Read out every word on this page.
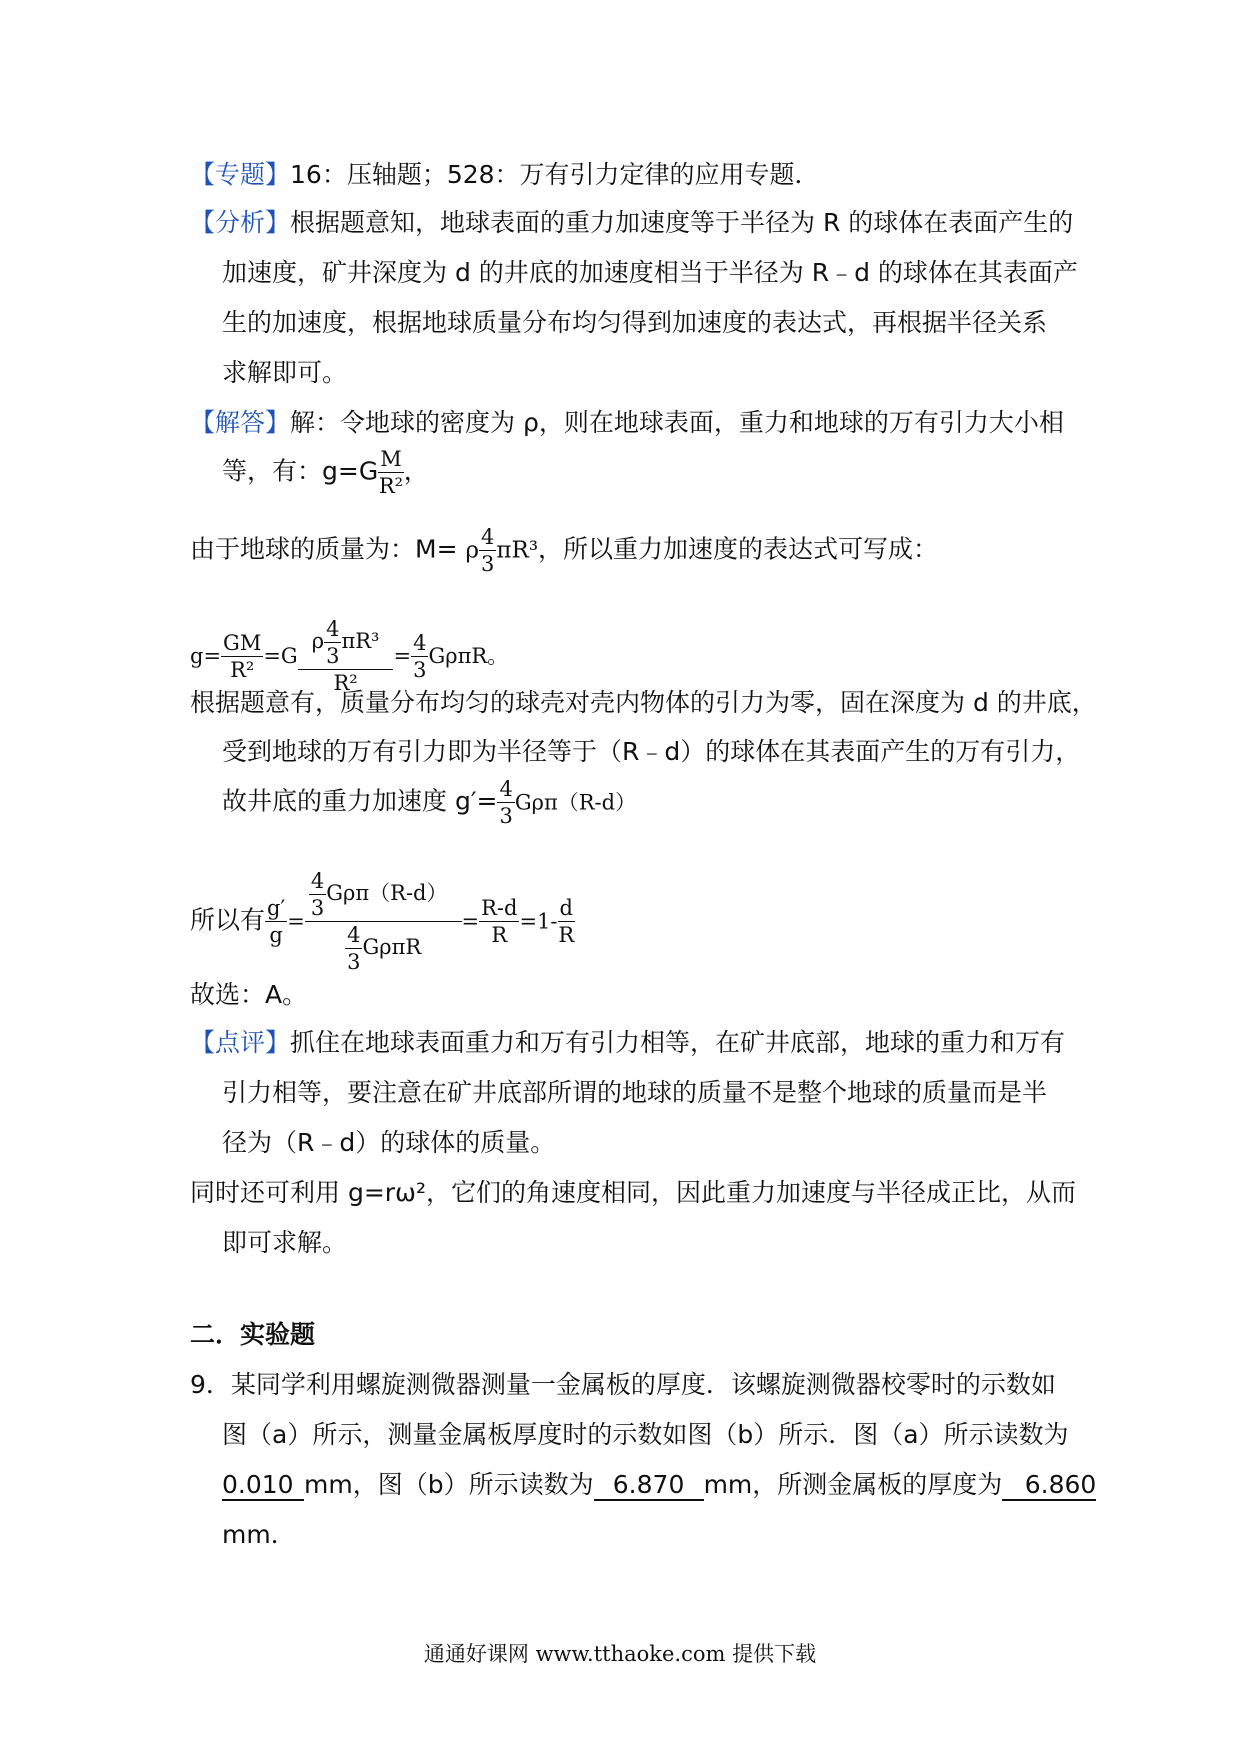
【专题】16：压轴题；528：万有引力定律的应用专题．
【分析】根据题意知，地球表面的重力加速度等于半径为 R 的球体在表面产生的
加速度，矿井深度为 d 的井底的加速度相当于半径为 R﹣d 的球体在其表面产
生的加速度，根据地球质量分布均匀得到加速度的表达式，再根据半径关系
求解即可。
【解答】解：令地球的密度为 ρ，则在地球表面，重力和地球的万有引力大小相
等，有：$g=G \frac{M}{\text{R²}}$ ，
由于地球的质量为：M= ρ $\frac{4}{3} \pi R^3$，所以重力加速度的表达式可写成：
$g= \frac{GM}{\text{R²}} =G \frac{\rho \frac{4}{3} \pi R^3}{\text{R²}} = \frac{4}{3}$ GρπR。
根据题意有，质量分布均匀的球壳对壳内物体的引力为零，固在深度为 d 的井底，
受到地球的万有引力即为半径等于（R﹣d）的球体在其表面产生的万有引力，
故井底的重力加速度 $g'= \frac{4}{3} G\rho\pi(R-d)$
所以有 $\frac{g'}{g} = \frac{\frac{4}{3} G\rho\pi(R-d)}{\frac{4}{3} G\rho\pi R} = \frac{R-d}{R} =1- \frac{d}{R}$
故选：A。
【点评】抓住在地球表面重力和万有引力相等，在矿井底部，地球的重力和万有
引力相等，要注意在矿井底部所谓的地球的质量不是整个地球的质量而是半
径为（R﹣d）的球体的质量。
同时还可利用 g=rω²，它们的角速度相同，因此重力加速度与半径成正比，从而
即可求解。
二．实验题
9．某同学利用螺旋测微器测量一金属板的厚度．该螺旋测微器校零时的示数如
图（a）所示，测量金属板厚度时的示数如图（b）所示．图（a）所示读数为
0.010 mm，图（b）所示读数为 6.870 mm，所测金属板的厚度为 6.860
mm．
通通好课网 www.tthaoke.com 提供下载
